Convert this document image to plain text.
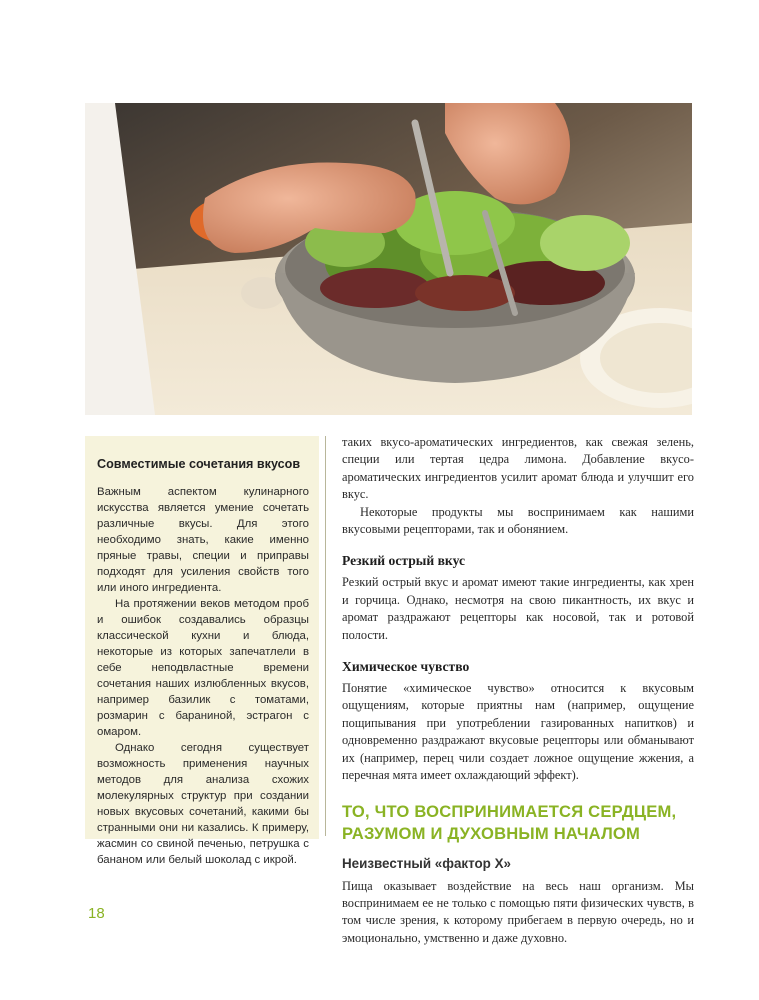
Совместимые сочетания вкусов

Важным аспектом кулинарного искусства является умение сочетать различные вкусы. Для этого необходимо знать, какие именно пряные травы, специи и приправы подходят для усиления свойств того или иного ингредиента.

На протяжении веков методом проб и ошибок создавались образцы классической кухни и блюда, некоторые из которых запечатлели в себе неподвластные времени сочетания наших излюбленных вкусов, например базилик с томатами, розмарин с бараниной, эстрагон с омаром.

Однако сегодня существует возможность применения научных методов для анализа схожих молекулярных структур при создании новых вкусовых сочетаний, какими бы странными они ни казались. К примеру, жасмин со свиной печенью, петрушка с бананом или белый шоколад с икрой.

таких вкусо-ароматических ингредиентов, как свежая зелень, специи или тертая цедра лимона. Добавление вкусо-ароматических ингредиентов усилит аромат блюда и улучшит его вкус.

Некоторые продукты мы воспринимаем как нашими вкусовыми рецепторами, так и обонянием.

Резкий острый вкус

Резкий острый вкус и аромат имеют такие ингредиенты, как хрен и горчица. Однако, несмотря на свою пикантность, их вкус и аромат раздражают рецепторы как носовой, так и ротовой полости.

Химическое чувство

Понятие «химическое чувство» относится к вкусовым ощущениям, которые приятны нам (например, ощущение пощипывания при употреблении газированных напитков) и одновременно раздражают вкусовые рецепторы или обманывают их (например, перец чили создает ложное ощущение жжения, а перечная мята имеет охлаждающий эффект).

ТО, ЧТО ВОСПРИНИМАЕТСЯ СЕРДЦЕМ, РАЗУМОМ И ДУХОВНЫМ НАЧАЛОМ
Неизвестный «фактор Х»

Пища оказывает воздействие на весь наш организм. Мы воспринимаем ее не только с помощью пяти физических чувств, в том числе зрения, к которому прибегаем в первую очередь, но и эмоционально, умственно и даже духовно.

18
